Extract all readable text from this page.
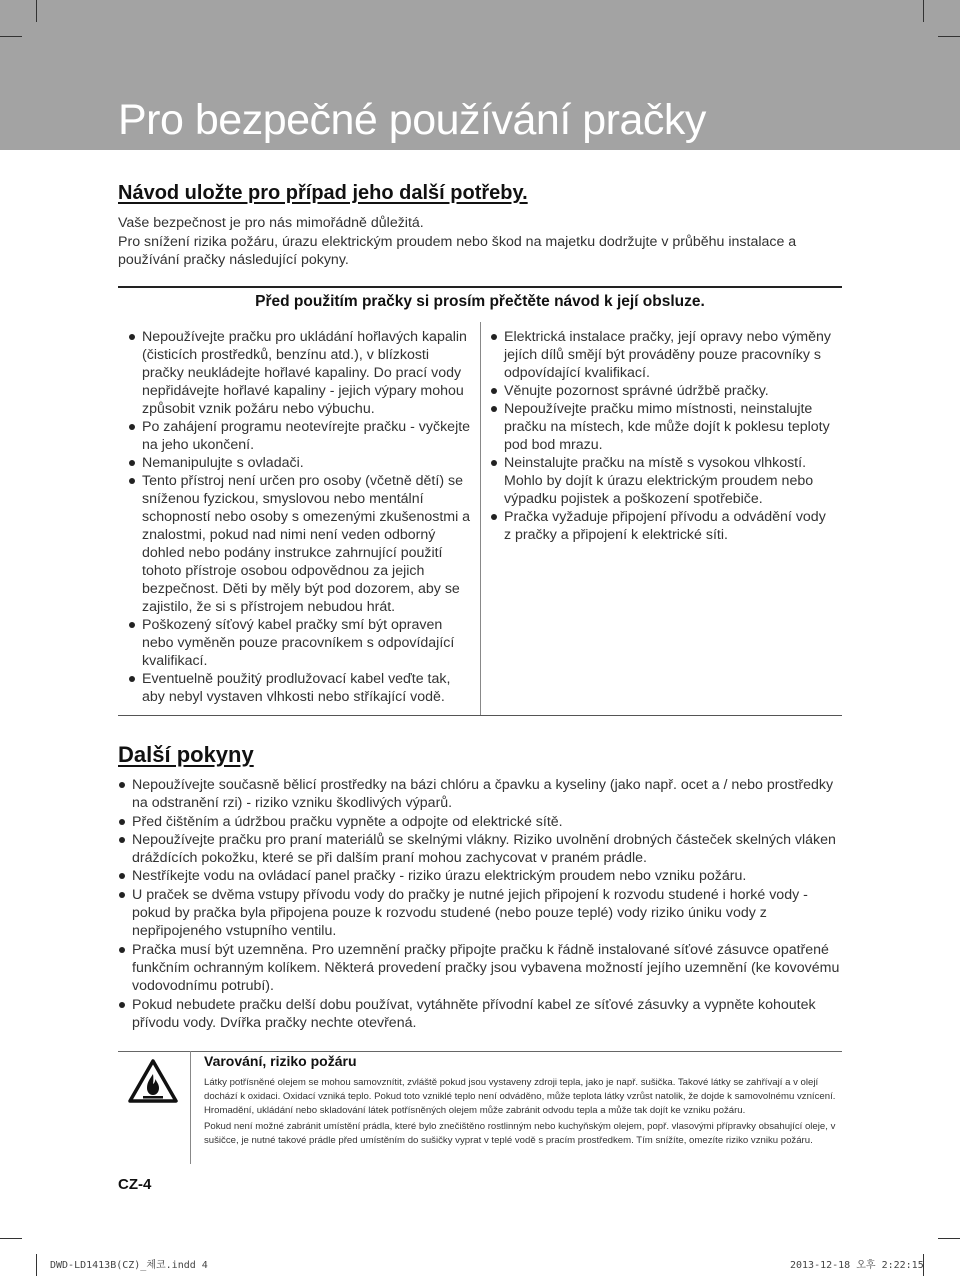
Pro bezpečné používání pračky
Návod uložte pro případ jeho další potřeby.
Vaše bezpečnost je pro nás mimořádně důležitá.
Pro snížení rizika požáru, úrazu elektrickým proudem nebo škod na majetku dodržujte v průběhu instalace a používání pračky následující pokyny.
Před použitím pračky si prosím přečtěte návod k její obsluze.
Nepoužívejte pračku pro ukládání hořlavých kapalin (čisticích prostředků, benzínu atd.), v blízkosti pračky neukládejte hořlavé kapaliny. Do prací vody nepřidávejte hořlavé kapaliny - jejich výpary mohou způsobit vznik požáru nebo výbuchu.
Po zahájení programu neotevírejte pračku - vyčkejte na jeho ukončení.
Nemanipulujte s ovladači.
Tento přístroj není určen pro osoby (včetně dětí) se sníženou fyzickou, smyslovou nebo mentální schopností nebo osoby s omezenými zkušenostmi a znalostmi, pokud nad nimi není veden odborný dohled nebo podány instrukce zahrnující použití tohoto přístroje osobou odpovědnou za jejich bezpečnost. Děti by měly být pod dozorem, aby se zajistilo, že si s přístrojem nebudou hrát.
Poškozený síťový kabel pračky smí být opraven nebo vyměněn pouze pracovníkem s odpovídající kvalifikací.
Eventuelně použitý prodlužovací kabel veďte tak, aby nebyl vystaven vlhkosti nebo stříkající vodě.
Elektrická instalace pračky, její opravy nebo výměny jejích dílů smějí být prováděny pouze pracovníky s odpovídající kvalifikací.
Věnujte pozornost správné údržbě pračky.
Nepoužívejte pračku mimo místnosti, neinstalujte pračku na místech, kde může dojít k poklesu teploty pod bod mrazu.
Neinstalujte pračku na místě s vysokou vlhkostí. Mohlo by dojít k úrazu elektrickým proudem nebo výpadku pojistek a poškození spotřebiče.
Pračka vyžaduje připojení přívodu a odvádění vody z pračky a připojení k elektrické síti.
Další pokyny
Nepoužívejte současně bělicí prostředky na bázi chlóru a čpavku a kyseliny (jako např. ocet a / nebo prostředky na odstranění rzi) - riziko vzniku škodlivých výparů.
Před čištěním a údržbou pračku vypněte a odpojte od elektrické sítě.
Nepoužívejte pračku pro praní materiálů se skelnými vlákny. Riziko uvolnění drobných částeček skelných vláken dráždících pokožku, které se při dalším praní mohou zachycovat v praném prádle.
Nestříkejte vodu na ovládací panel pračky - riziko úrazu elektrickým proudem nebo vzniku požáru.
U praček se dvěma vstupy přívodu vody do pračky je nutné jejich připojení k rozvodu studené i horké vody - pokud by pračka byla připojena pouze k rozvodu studené (nebo pouze teplé) vody riziko úniku vody z nepřipojeného vstupního ventilu.
Pračka musí být uzemněna. Pro uzemnění pračky připojte pračku k řádně instalované síťové zásuvce opatřené funkčním ochranným kolíkem. Některá provedení pračky jsou vybavena možností jejího uzemnění (ke kovovému vodovodnímu potrubí).
Pokud nebudete pračku delší dobu používat, vytáhněte přívodní kabel ze síťové zásuvky a vypněte kohoutek přívodu vody. Dvířka pračky nechte otevřená.
Varování, riziko požáru
Látky potřísněné olejem se mohou samovznítit, zvláště pokud jsou vystaveny zdroji tepla, jako je např. sušička. Takové látky se zahřívají a v olejí dochází k oxidaci. Oxidací vzniká teplo. Pokud toto vzniklé teplo není odváděno, může teplota látky vzrůst natolik, že dojde k samovolnému vznícení. Hromadění, ukládání nebo skladování látek potřísněných olejem může zabránit odvodu tepla a může tak dojít ke vzniku požáru.
Pokud není možné zabránit umístění prádla, které bylo znečištěno rostlinným nebo kuchyňským olejem, popř. vlasovými přípravky obsahující oleje, v sušičce, je nutné takové prádle před umístěním do sušičky vyprat v teplé vodě s pracím prostředkem. Tím snížíte, omezíte riziko vzniku požáru.
CZ-4
DWD-LD1413B(CZ)_체코.indd 4	2013-12-18 오후 2:22:15
